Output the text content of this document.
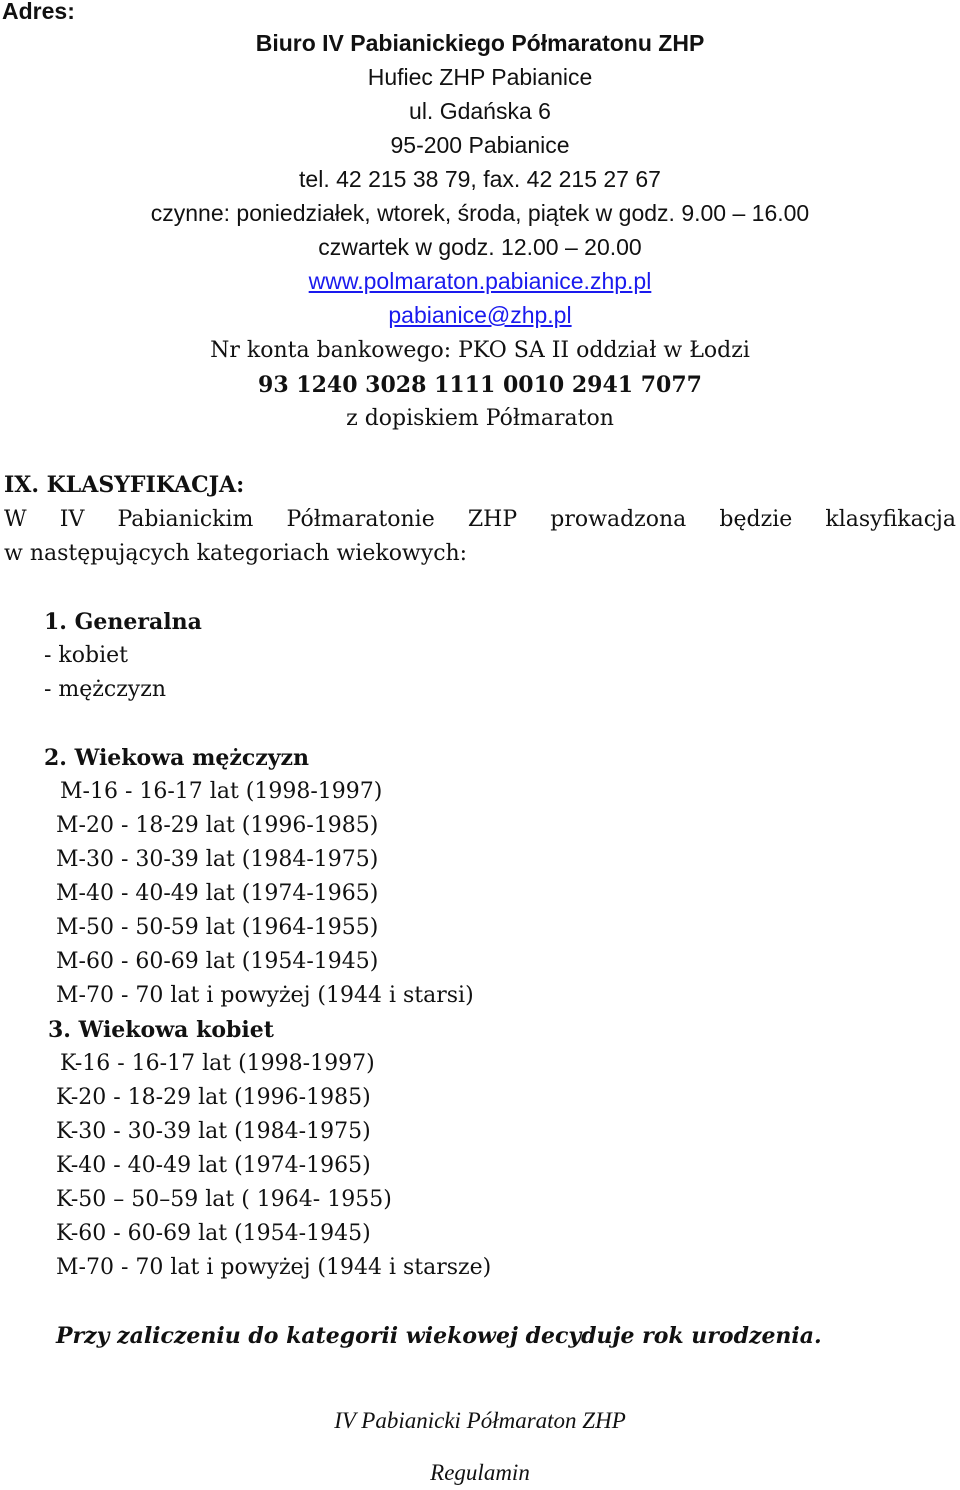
Adres:
Biuro IV Pabianickiego Półmaratonu ZHP
Hufiec ZHP Pabianice
ul. Gdańska 6
95-200 Pabianice
tel. 42 215 38 79, fax. 42 215 27 67
czynne: poniedziałek, wtorek, środa, piątek w godz. 9.00 – 16.00
czwartek w godz. 12.00 – 20.00
www.polmaraton.pabianice.zhp.pl
pabianice@zhp.pl
Nr konta bankowego: PKO SA II oddział w Łodzi
93 1240 3028 1111 0010 2941 7077
z dopiskiem Półmaraton
IX. KLASYFIKACJA:
W IV Pabianickim Półmaratonie ZHP prowadzona będzie klasyfikacja
w następujących kategoriach wiekowych:
1. Generalna
- kobiet
- mężczyzn
2. Wiekowa mężczyzn
M-16 - 16-17 lat (1998-1997)
M-20 - 18-29 lat (1996-1985)
M-30 - 30-39 lat (1984-1975)
M-40 - 40-49 lat (1974-1965)
M-50 - 50-59 lat (1964-1955)
M-60 - 60-69 lat (1954-1945)
M-70 - 70 lat i powyżej (1944 i starsi)
3. Wiekowa kobiet
K-16 - 16-17 lat (1998-1997)
K-20 - 18-29 lat (1996-1985)
K-30 - 30-39 lat (1984-1975)
K-40 - 40-49 lat (1974-1965)
K-50 – 50–59 lat ( 1964- 1955)
K-60 - 60-69 lat (1954-1945)
M-70 - 70 lat i powyżej (1944 i starsze)
Przy zaliczeniu do kategorii wiekowej decyduje rok urodzenia.
IV Pabianicki Półmaraton ZHP
Regulamin
